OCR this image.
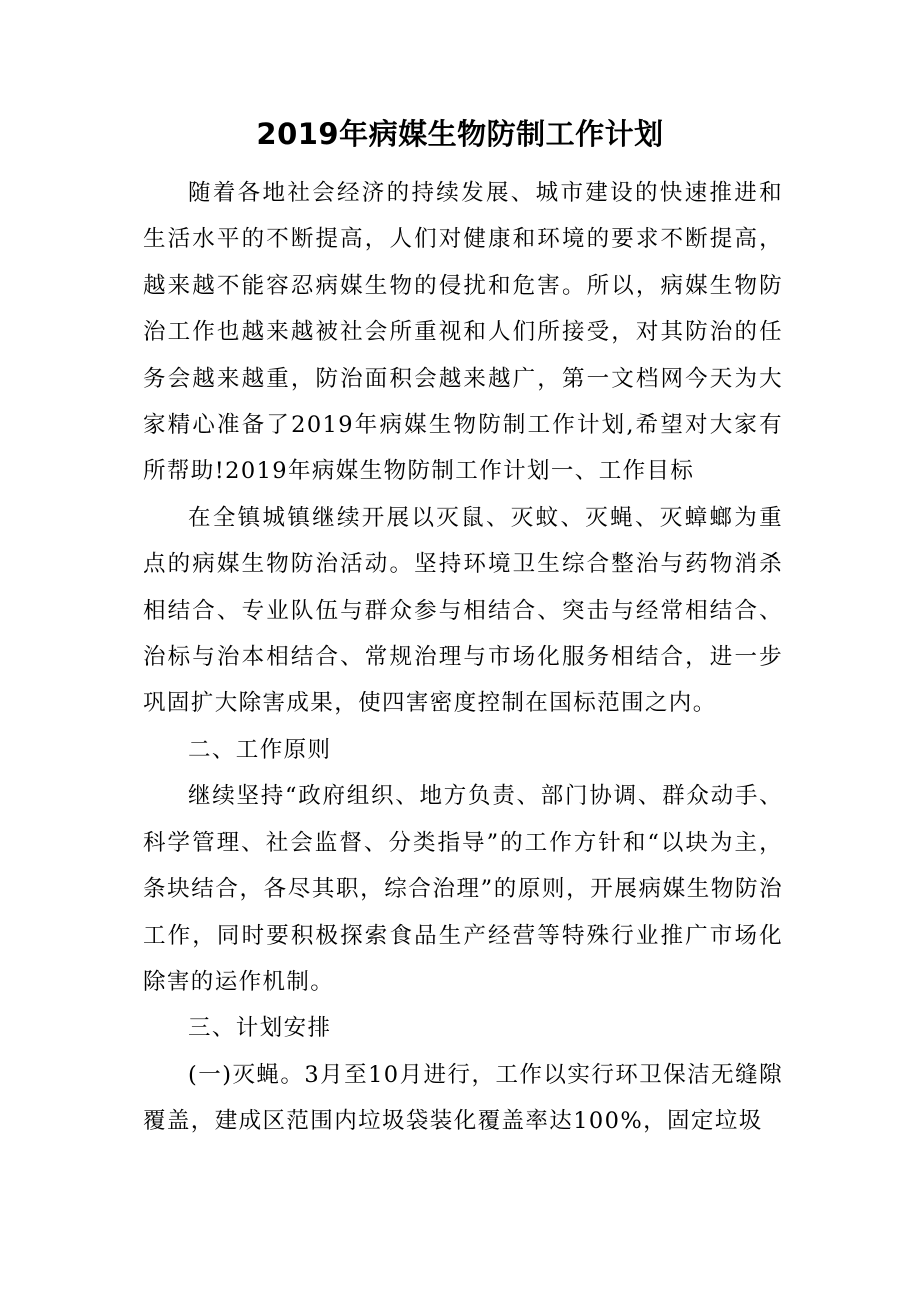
2019年病媒生物防制工作计划

随着各地社会经济的持续发展、城市建设的快速推进和生活水平的不断提高，人们对健康和环境的要求不断提高，越来越不能容忍病媒生物的侵扰和危害。所以，病媒生物防治工作也越来越被社会所重视和人们所接受，对其防治的任务会越来越重，防治面积会越来越广，第一文档网今天为大家精心准备了2019年病媒生物防制工作计划,希望对大家有所帮助!2019年病媒生物防制工作计划一、工作目标

在全镇城镇继续开展以灭鼠、灭蚊、灭蝇、灭蟑螂为重点的病媒生物防治活动。坚持环境卫生综合整治与药物消杀相结合、专业队伍与群众参与相结合、突击与经常相结合、治标与治本相结合、常规治理与市场化服务相结合，进一步巩固扩大除害成果，使四害密度控制在国标范围之内。

二、工作原则

继续坚持“政府组织、地方负责、部门协调、群众动手、科学管理、社会监督、分类指导”的工作方针和“以块为主，条块结合，各尽其职，综合治理”的原则，开展病媒生物防治工作，同时要积极探索食品生产经营等特殊行业推广市场化除害的运作机制。

三、计划安排

(一)灭蝇。3月至10月进行，工作以实行环卫保洁无缝隙覆盖，建成区范围内垃圾袋装化覆盖率达100%，固定垃圾
